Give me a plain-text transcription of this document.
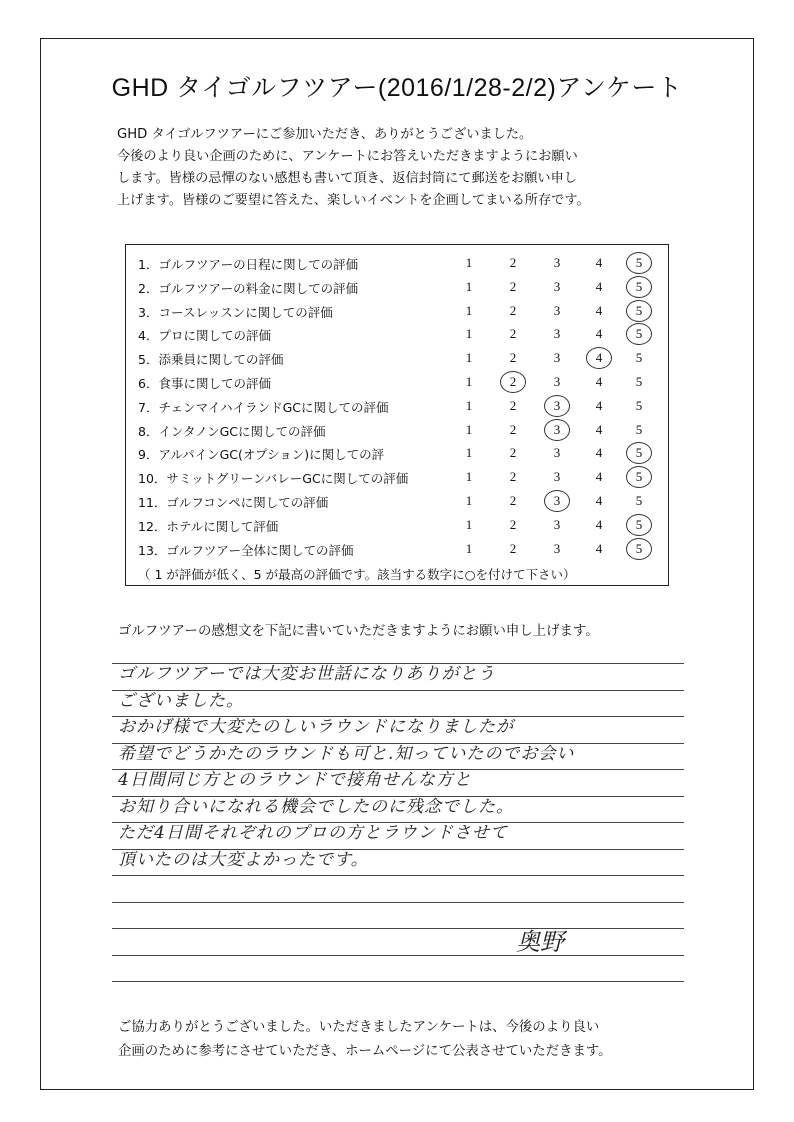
GHD タイゴルフツアー(2016/1/28-2/2)アンケート
GHD タイゴルフツアーにご参加いただき、ありがとうございました。
今後のより良い企画のために、アンケートにお答えいただきますようにお願い
します。皆様の忌憚のない感想も書いて頂き、返信封筒にて郵送をお願い申し
上げます。皆様のご要望に答えた、楽しいイベントを企画してまいる所存です。
（ 1 が評価が低く、5 が最高の評価です。該当する数字に○を付けて下さい）
1．ゴルフツアーの日程に関しての評価	1	2	3	4	5
2．ゴルフツアーの料金に関しての評価	1	2	3	4	5
3．コースレッスンに関しての評価	1	2	3	4	5
4．プロに関しての評価	1	2	3	4	5
5．添乗員に関しての評価	1	2	3	4	5
6．食事に関しての評価	1	2	3	4	5
7．チェンマイハイランドGCに関しての評価	1	2	3	4	5
8．インタノンGCに関しての評価	1	2	3	4	5
9．アルパインGC(オプション)に関しての評	1	2	3	4	5
10．サミットグリーンバレーGCに関しての評価	1	2	3	4	5
11．ゴルフコンペに関しての評価	1	2	3	4	5
12．ホテルに関して評価	1	2	3	4	5
13．ゴルフツアー全体に関しての評価	1	2	3	4	5
ゴルフツアーの感想文を下記に書いていただきますようにお願い申し上げます。
ゴルフツアーでは大変お世話になりありがとう
ございました。
おかげ様で大変たのしいラウンドになりましたが
希望でどうかたのラウンドも可と.知っていたのでお会い
4日間同じ方とのラウンドで接角せんな方と
お知り合いになれる機会でしたのに残念でした。
ただ4日間それぞれのプロの方とラウンドさせて
頂いたのは大変よかったです。
奥野
ご協力ありがとうございました。いただきましたアンケートは、今後のより良い
企画のために参考にさせていただき、ホームページにて公表させていただきます。
